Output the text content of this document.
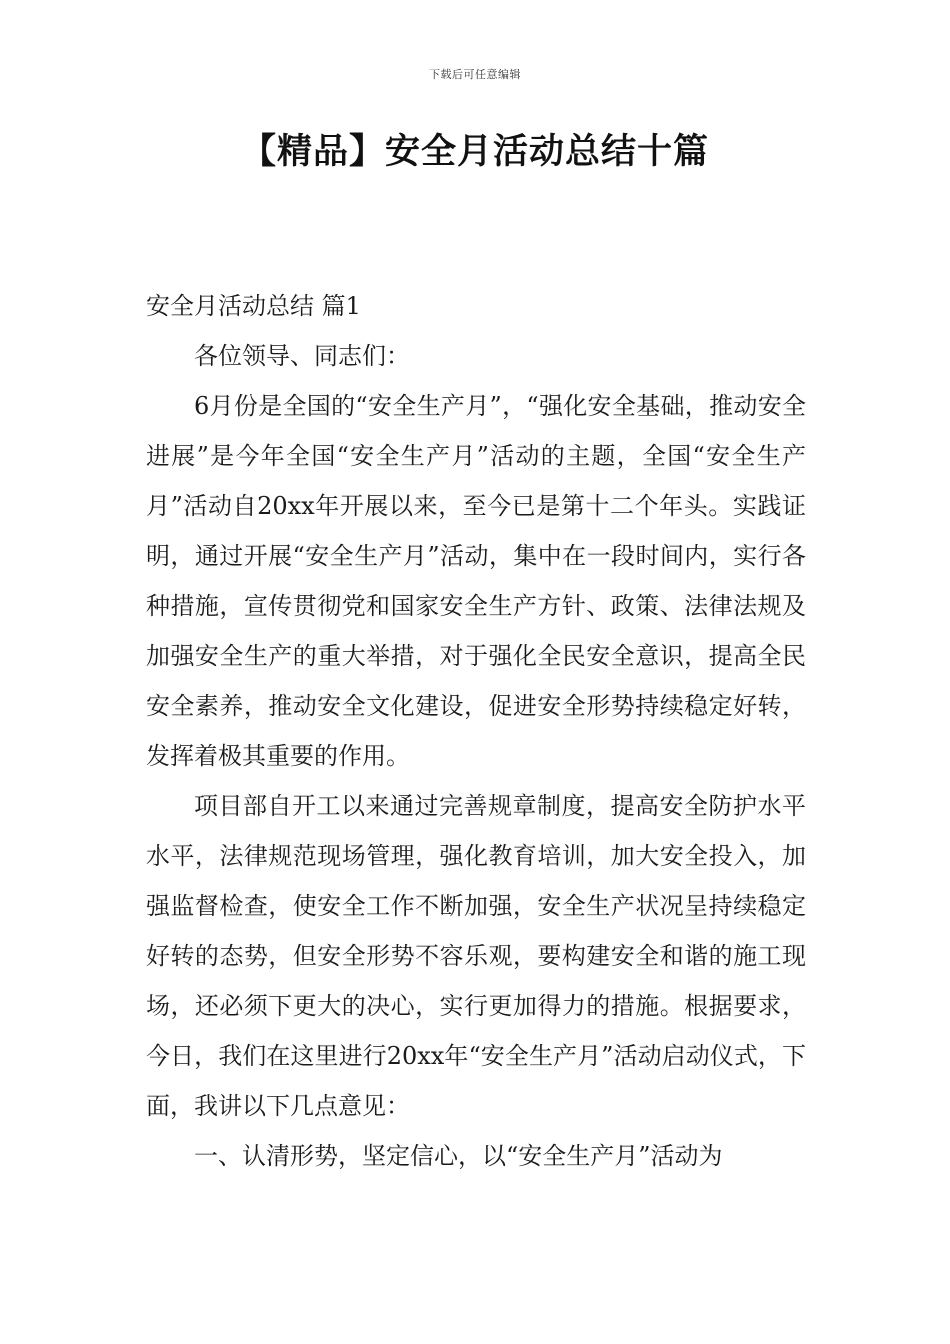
下载后可任意编辑
【精品】安全月活动总结十篇

安全月活动总结 篇1

各位领导、同志们：

6月份是全国的“安全生产月”，“强化安全基础，推动安全进展”是今年全国“安全生产月”活动的主题，全国“安全生产月”活动自20xx年开展以来，至今已是第十二个年头。实践证明，通过开展“安全生产月”活动，集中在一段时间内，实行各种措施，宣传贯彻党和国家安全生产方针、政策、法律法规及加强安全生产的重大举措，对于强化全民安全意识，提高全民安全素养，推动安全文化建设，促进安全形势持续稳定好转，发挥着极其重要的作用。

项目部自开工以来通过完善规章制度，提高安全防护水平水平，法律规范现场管理，强化教育培训，加大安全投入，加强监督检查，使安全工作不断加强，安全生产状况呈持续稳定好转的态势，但安全形势不容乐观，要构建安全和谐的施工现场，还必须下更大的决心，实行更加得力的措施。根据要求，今日，我们在这里进行20xx年“安全生产月”活动启动仪式，下面，我讲以下几点意见：

一、认清形势，坚定信心，以“安全生产月”活动为
